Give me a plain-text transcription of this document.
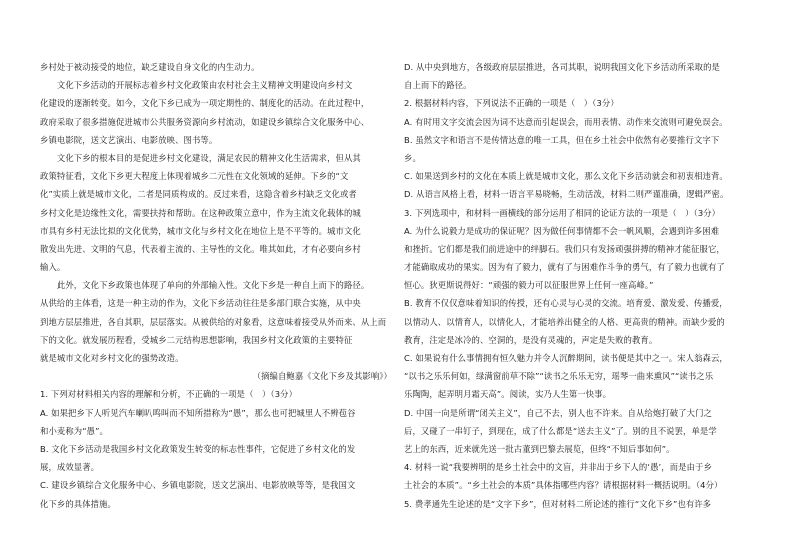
乡村处于被动接受的地位，缺乏建设自身文化的内生动力。
　　文化下乡活动的开展标志着乡村文化政策由农村社会主义精神文明建设向乡村文
化建设的逐渐转变。如今，文化下乡已成为一项定期性的、制度化的活动。在此过程中，
政府采取了很多措施促进城市公共服务资源向乡村流动，如建设乡镇综合文化服务中心、
乡镇电影院，送文艺演出、电影放映、图书等。
　　文化下乡的根本目的是促进乡村文化建设，满足农民的精神文化生活需求，但从其
政策特征看，文化下乡更大程度上体现着城乡二元性在文化领域的延伸。下乡的“文
化”实质上就是城市文化，二者是同质构成的。反过来看，这隐含着乡村缺乏文化或者
乡村文化是边缘性文化，需要扶持和帮助。在这种政策立意中，作为主流文化载体的城
市具有乡村无法比拟的文化优势，城市文化与乡村文化在地位上是不平等的。城市文化
散发出先进、文明的气息，代表着主流的、主导性的文化。唯其如此，才有必要向乡村
输入。
　　此外，文化下乡政策也体现了单向的外部输入性。文化下乡是一种自上而下的路径。
从供给的主体看，这是一种主动的作为，文化下乡活动往往是多部门联合实施，从中央
到地方层层推进，各自其职，层层落实。从被供给的对象看，这意味着接受从外而来、从上而
下的文化。就发展历程看，受城乡二元结构思想影响，我国乡村文化政策的主要特征
就是城市文化对乡村文化的强势改造。
（摘编自鲍嘉《文化下乡及其影响》）
1. 下列对材料相关内容的理解和分析，不正确的一项是（　）（3分）
A. 如果把乡下人听见汽车喇叭鸣叫而不知所措称为“愚”，那么也可把城里人不辨苞谷
和小麦称为“愚”。
B. 文化下乡活动是我国乡村文化政策发生转变的标志性事件，它促进了乡村文化的发
展，成效显著。
C. 建设乡镇综合文化服务中心、乡镇电影院，送文艺演出、电影放映等等，是我国文
化下乡的具体措施。
D. 从中央到地方，各级政府层层推进，各司其职，说明我国文化下乡活动所采取的是
自上而下的路径。
2. 根据材料内容，下列说法不正确的一项是（　）（3分）
A. 有时用文字交流会因为词不达意而引起误会，而用表情、动作来交流则可避免误会。
B. 虽然文字和语言不是传情达意的唯一工具，但在乡土社会中依然有必要推行文字下
乡。
C. 如果送到乡村的文化在本质上就是城市文化，那么文化下乡活动就会和初衷相违背。
D. 从语言风格上看，材料一语言平易晓畅，生动活泼，材料二则严谨准确，逻辑严密。
3. 下列选项中，和材料一画横线的部分运用了相同的论证方法的一项是（　）（3分）
A. 为什么说毅力是成功的保证呢？因为做任何事情都不会一帆风顺，会遇到许多困难
和挫折。它们都是我们前进途中的绊脚石。我们只有发扬顽强拼搏的精神才能征服它，
才能确取成功的果实。因为有了毅力，就有了与困难作斗争的勇气，有了毅力也就有了
恒心。狄更斯说得好：“顽强的毅力可以征服世界上任何一座高峰。”
B. 教育不仅仅意味着知识的传授，还有心灵与心灵的交流。培育爱、激发爱、传播爱，
以情动人、以情育人，以情化人，才能培养出健全的人格、更高贵的精神。而缺少爱的
教育，注定是冰冷的、空洞的，是没有灵魂的，声定是失败的教育。
C. 如果说有什么事情拥有恒久魅力并令人沉醉期间，读书便是其中之一。宋人翁森云，
“以书之乐乐何如，绿满窗前草不除”“读书之乐乐无穷，瑶琴一曲来熏风”“读书之乐
乐陶陶，起弄明月霜天高”。阅读，实乃人生第一快事。
D. 中国一向是所谓“闭关主义”，自己不去，别人也不许来。自从给炮打破了大门之
后，又碰了一串钉子，到现在，成了什么都是“送去主义”了。别的且不说罢，单是学
艺上的东西，近来就先送一批古董到巴黎去展览，但终“不知后事如何”。
4. 材料一说“我要辨明的是乡土社会中的文盲，并非出于乡下人的‘愚’，而是由于乡
土社会的本质”。“乡土社会的本质”具体指哪些内容？请根据材料一概括说明。（4分）
5. 费孝通先生论述的是“文字下乡”，但对材料二所论述的推行“文化下乡”也有许多
